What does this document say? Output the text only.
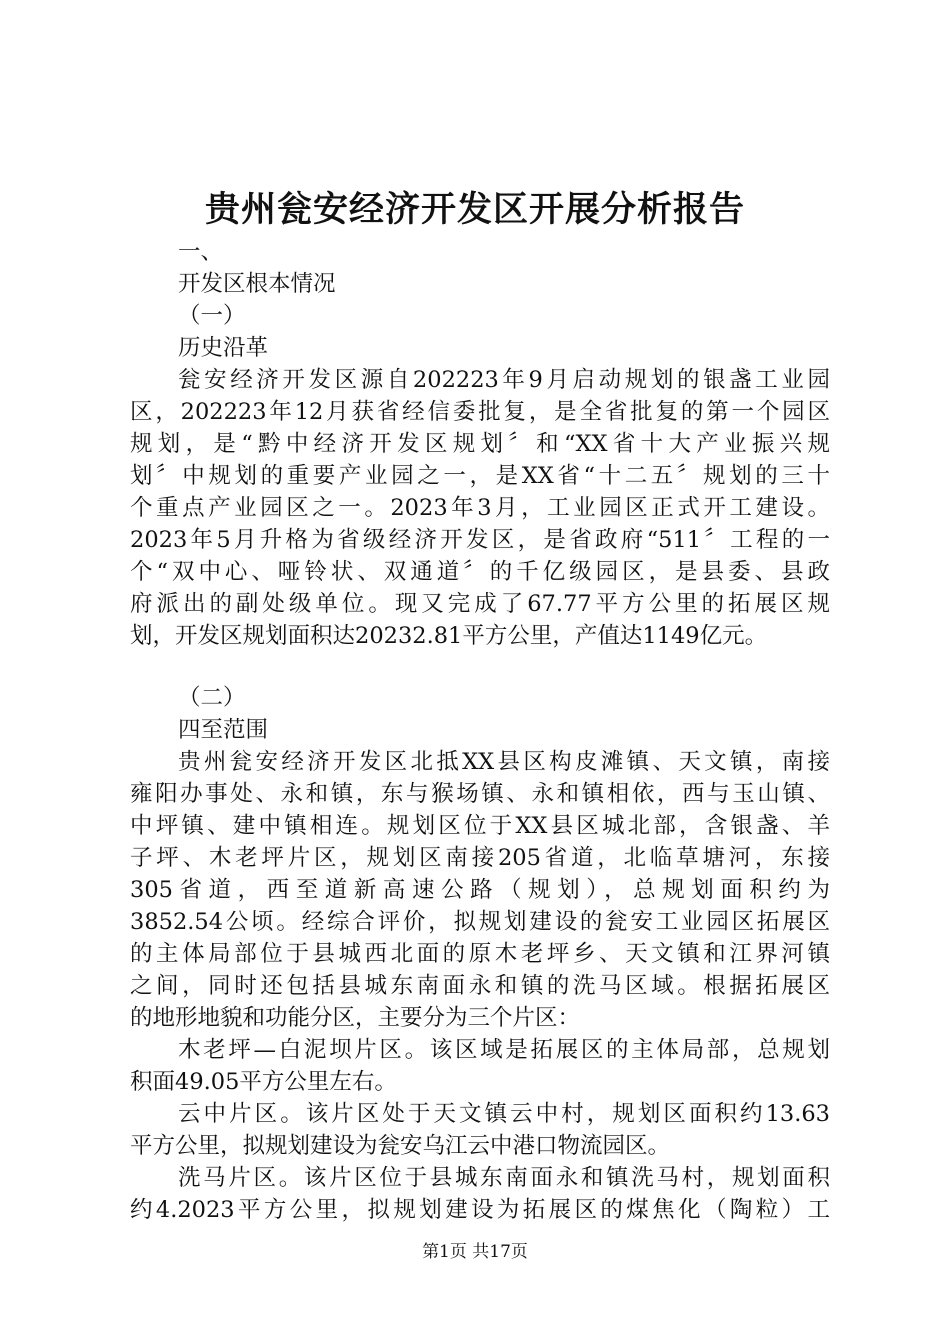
贵州瓮安经济开发区开展分析报告
一、
开发区根本情况
（一）
历史沿革
瓮安经济开发区源自202223年9月启动规划的银盏工业园
区，202223年12月获省经信委批复，是全省批复的第一个园区
规划，是“黔中经济开发区规划〞和“XX省十大产业振兴规
划〞中规划的重要产业园之一，是XX省“十二五〞规划的三十
个重点产业园区之一。2023年3月，工业园区正式开工建设。
2023年5月升格为省级经济开发区，是省政府“511〞工程的一
个“双中心、哑铃状、双通道〞的千亿级园区，是县委、县政
府派出的副处级单位。现又完成了67.77平方公里的拓展区规
划，开发区规划面积达20232.81平方公里，产值达1149亿元。
（二）
四至范围
贵州瓮安经济开发区北抵XX县区构皮滩镇、天文镇，南接
雍阳办事处、永和镇，东与猴场镇、永和镇相依，西与玉山镇、
中坪镇、建中镇相连。规划区位于XX县区城北部，含银盏、羊
子坪、木老坪片区，规划区南接205省道，北临草塘河，东接
305省道，西至道新高速公路（规划），总规划面积约为
3852.54公顷。经综合评价，拟规划建设的瓮安工业园区拓展区
的主体局部位于县城西北面的原木老坪乡、天文镇和江界河镇
之间，同时还包括县城东南面永和镇的洗马区域。根据拓展区
的地形地貌和功能分区，主要分为三个片区：
木老坪—白泥坝片区。该区域是拓展区的主体局部，总规划
积面49.05平方公里左右。
云中片区。该片区处于天文镇云中村，规划区面积约13.63
平方公里，拟规划建设为瓮安乌江云中港口物流园区。
洗马片区。该片区位于县城东南面永和镇洗马村，规划面积
约4.2023平方公里，拟规划建设为拓展区的煤焦化（陶粒）工
第1页 共17页
